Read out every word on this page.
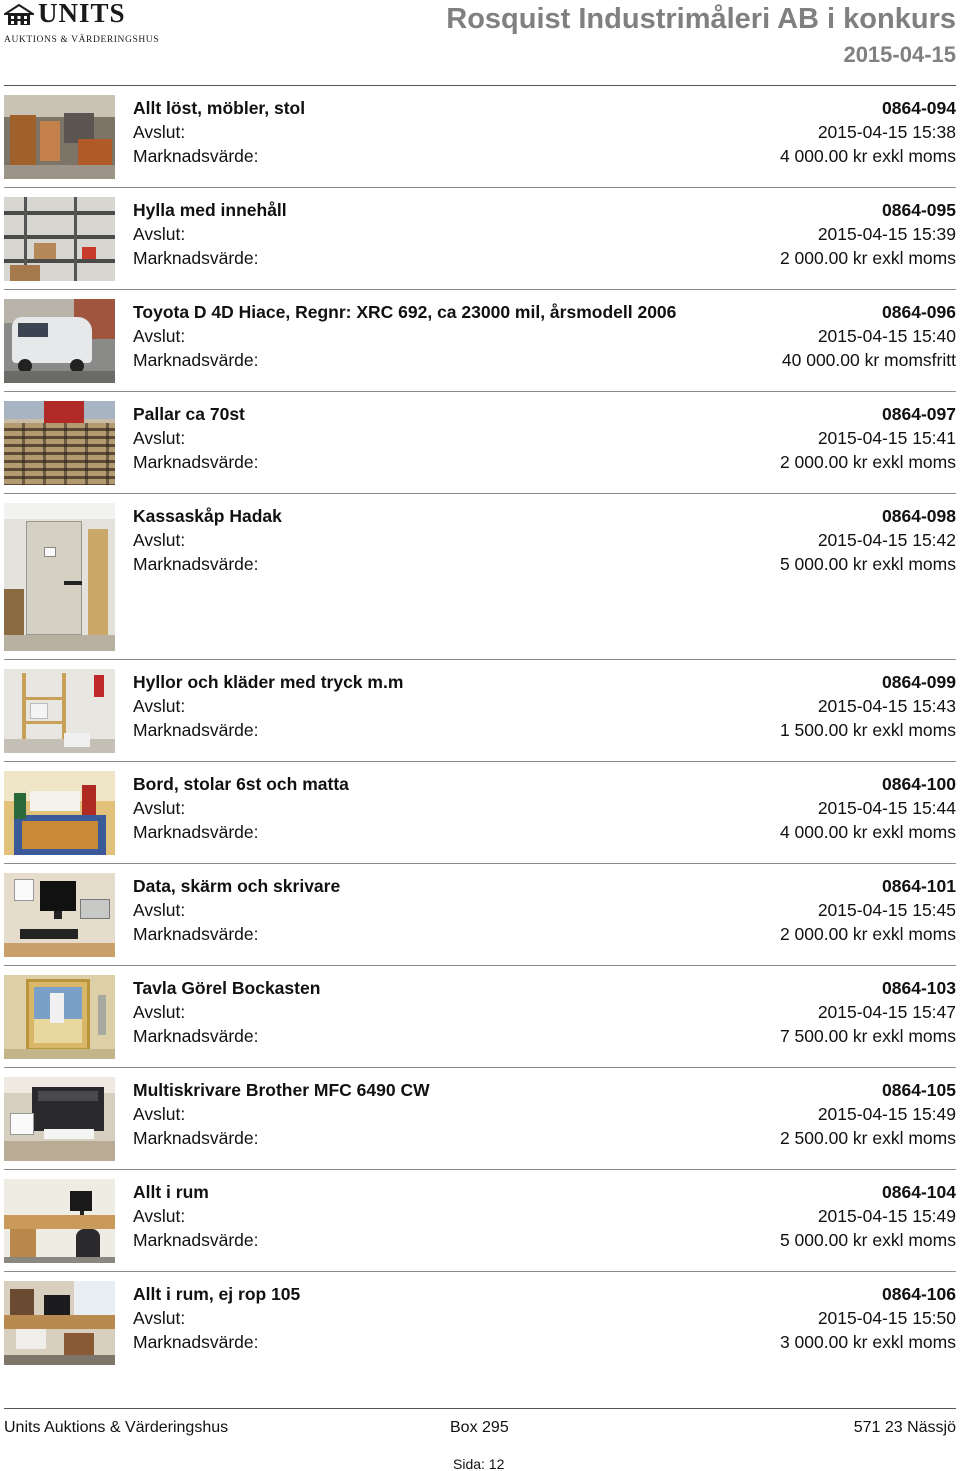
UNITS
AUKTIONS & VÄRDERINGSHUS
Rosquist Industrimåleri AB i konkurs
2015-04-15
Allt löst, möbler, stol	0864-094
Avslut:	2015-04-15 15:38
Marknadsvärde:	4 000.00 kr exkl moms
Hylla med innehåll	0864-095
Avslut:	2015-04-15 15:39
Marknadsvärde:	2 000.00 kr exkl moms
Toyota D 4D Hiace, Regnr: XRC 692, ca 23000 mil, årsmodell 2006	0864-096
Avslut:	2015-04-15 15:40
Marknadsvärde:	40 000.00 kr momsfritt
Pallar ca 70st	0864-097
Avslut:	2015-04-15 15:41
Marknadsvärde:	2 000.00 kr exkl moms
Kassaskåp Hadak	0864-098
Avslut:	2015-04-15 15:42
Marknadsvärde:	5 000.00 kr exkl moms
Hyllor och kläder med tryck m.m	0864-099
Avslut:	2015-04-15 15:43
Marknadsvärde:	1 500.00 kr exkl moms
Bord, stolar 6st och matta	0864-100
Avslut:	2015-04-15 15:44
Marknadsvärde:	4 000.00 kr exkl moms
Data, skärm och skrivare	0864-101
Avslut:	2015-04-15 15:45
Marknadsvärde:	2 000.00 kr exkl moms
Tavla Görel Bockasten	0864-103
Avslut:	2015-04-15 15:47
Marknadsvärde:	7 500.00 kr exkl moms
Multiskrivare Brother MFC 6490 CW	0864-105
Avslut:	2015-04-15 15:49
Marknadsvärde:	2 500.00 kr exkl moms
Allt i rum	0864-104
Avslut:	2015-04-15 15:49
Marknadsvärde:	5 000.00 kr exkl moms
Allt i rum, ej rop 105	0864-106
Avslut:	2015-04-15 15:50
Marknadsvärde:	3 000.00 kr exkl moms
Units Auktions & Värderingshus	Box 295	571 23 Nässjö
Sida: 12
